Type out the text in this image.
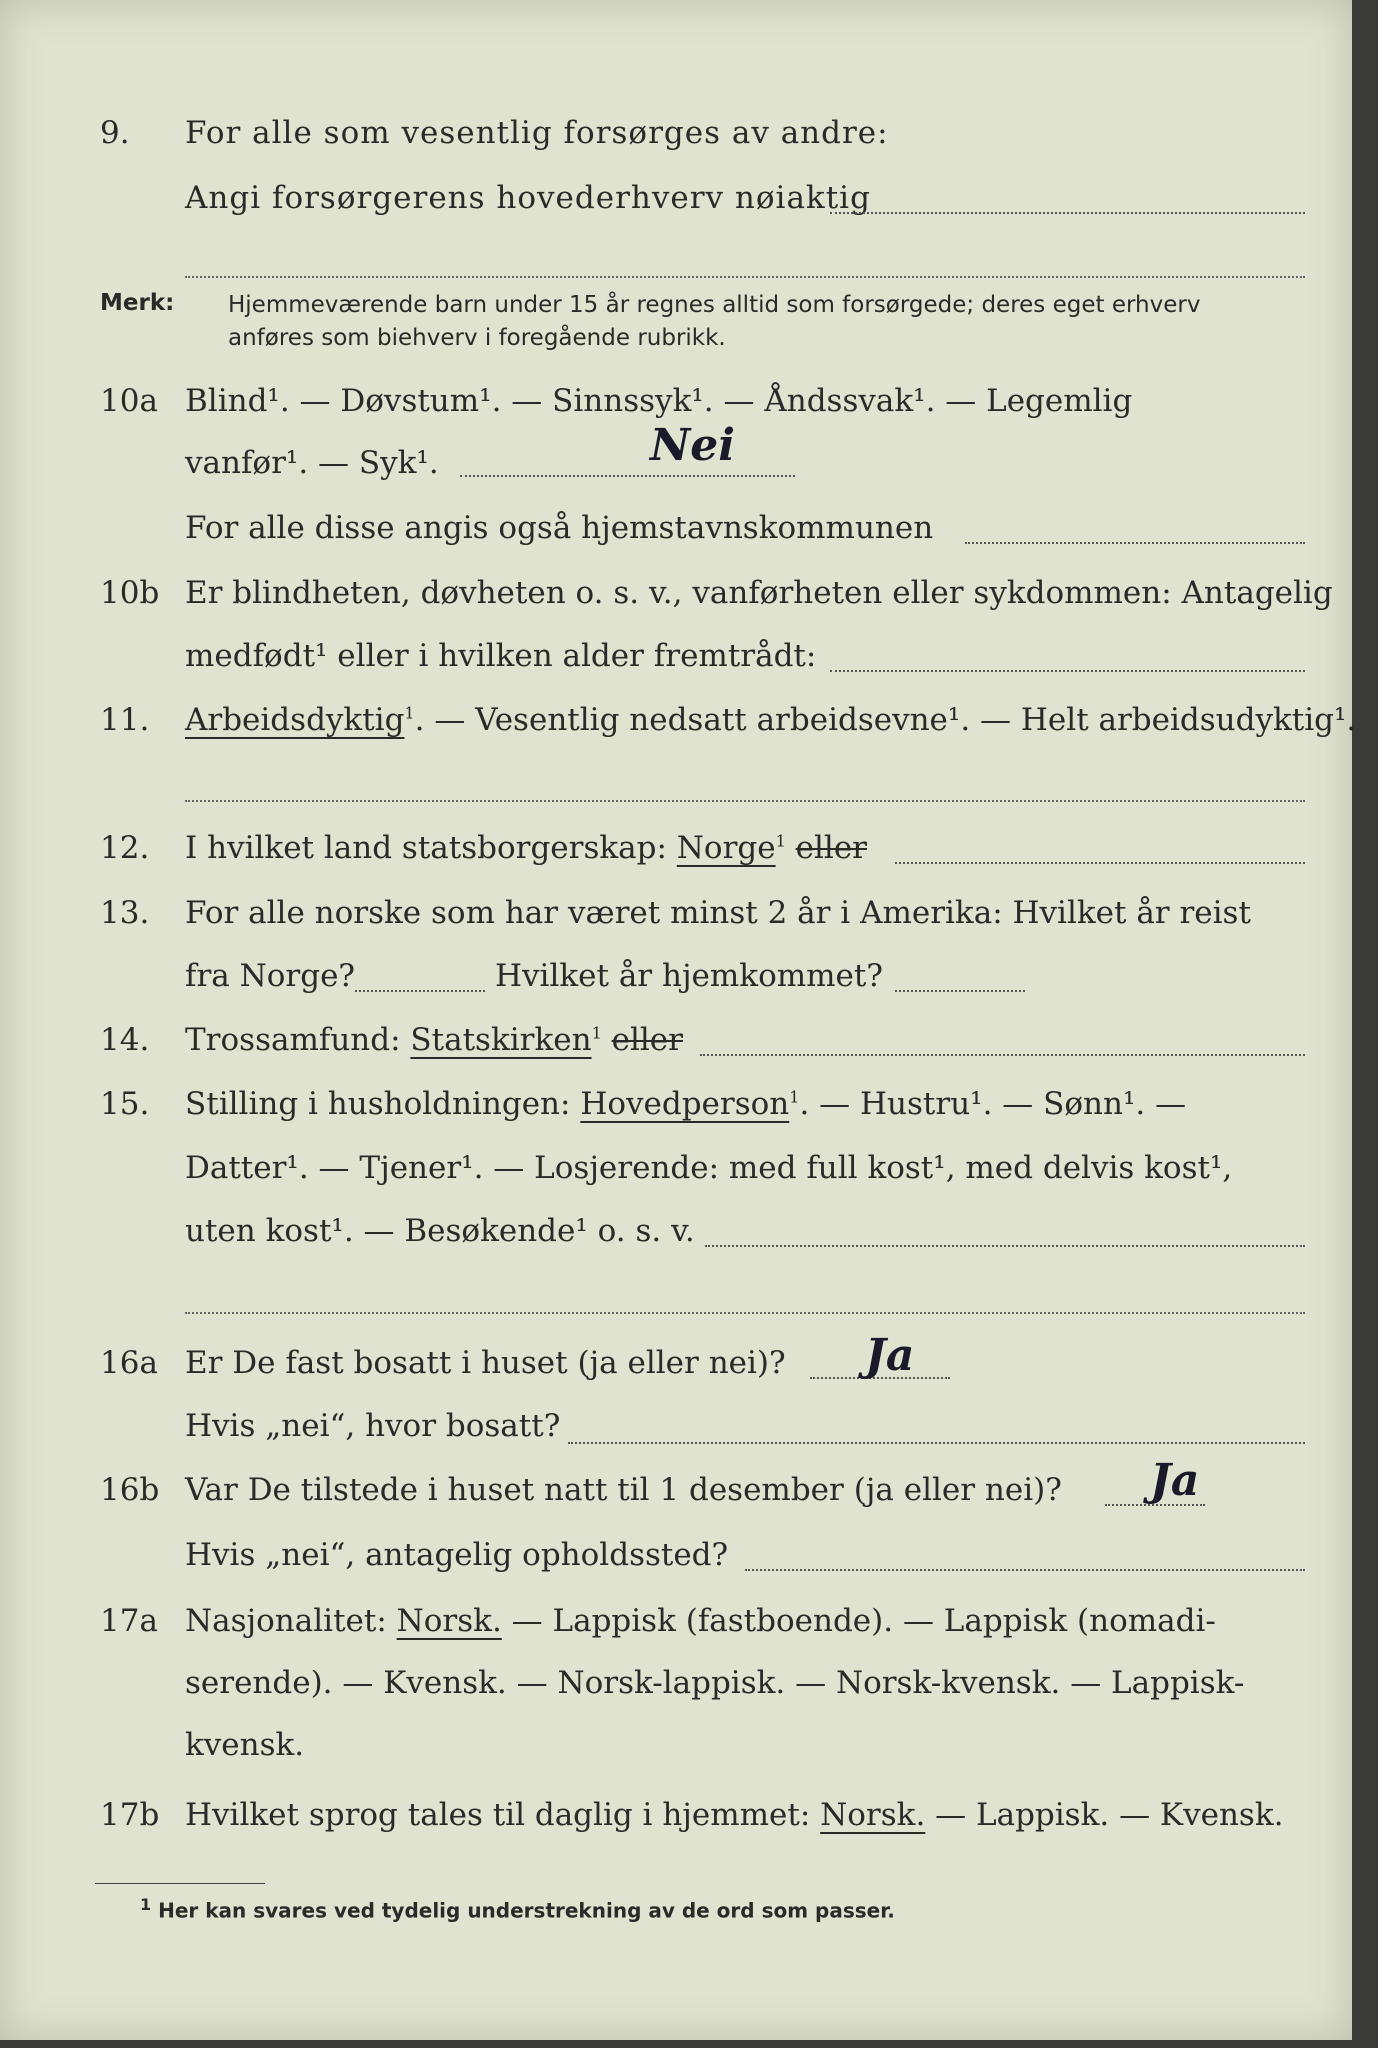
9. For alle som vesentlig forsørges av andre:
Angi forsørgerens hovederhverv nøiaktig
Merk: Hjemmeværende barn under 15 år regnes alltid som forsørgede; deres eget erhverv
anføres som biehverv i foregående rubrikk.
10a Blind¹. — Døvstum¹. — Sinnssyk¹. — Åndssvak¹. — Legemlig
vanfør¹. — Syk¹.	Nei
For alle disse angis også hjemstavnskommunen
10b Er blindheten, døvheten o. s. v., vanførheten eller sykdommen: Antagelig
medfødt¹ eller i hvilken alder fremtrådt:
11. Arbeidsdyktig$^1$. — Vesentlig nedsatt arbeidsevne¹. — Helt arbeidsudyktig¹.
12. I hvilket land statsborgerskap: Norge$^1$ eller
13. For alle norske som har været minst 2 år i Amerika: Hvilket år reist
fra Norge?	Hvilket år hjemkommet?
14. Trossamfund: Statskirken$^1$ eller
15. Stilling i husholdningen: Hovedperson$^1$. — Hustru¹. — Sønn¹. —
Datter¹. — Tjener¹. — Losjerende: med full kost¹, med delvis kost¹,
uten kost¹. — Besøkende¹ o. s. v.
16a Er De fast bosatt i huset (ja eller nei)? Ja
Hvis „nei“, hvor bosatt?
16b Var De tilstede i huset natt til 1 desember (ja eller nei)? Ja
Hvis „nei“, antagelig opholdssted?
17a Nasjonalitet: Norsk. — Lappisk (fastboende). — Lappisk (nomadi-
serende). — Kvensk. — Norsk-lappisk. — Norsk-kvensk. — Lappisk-
kvensk.
17b Hvilket sprog tales til daglig i hjemmet: Norsk. — Lappisk. — Kvensk.
$^1$ Her kan svares ved tydelig understrekning av de ord som passer.
